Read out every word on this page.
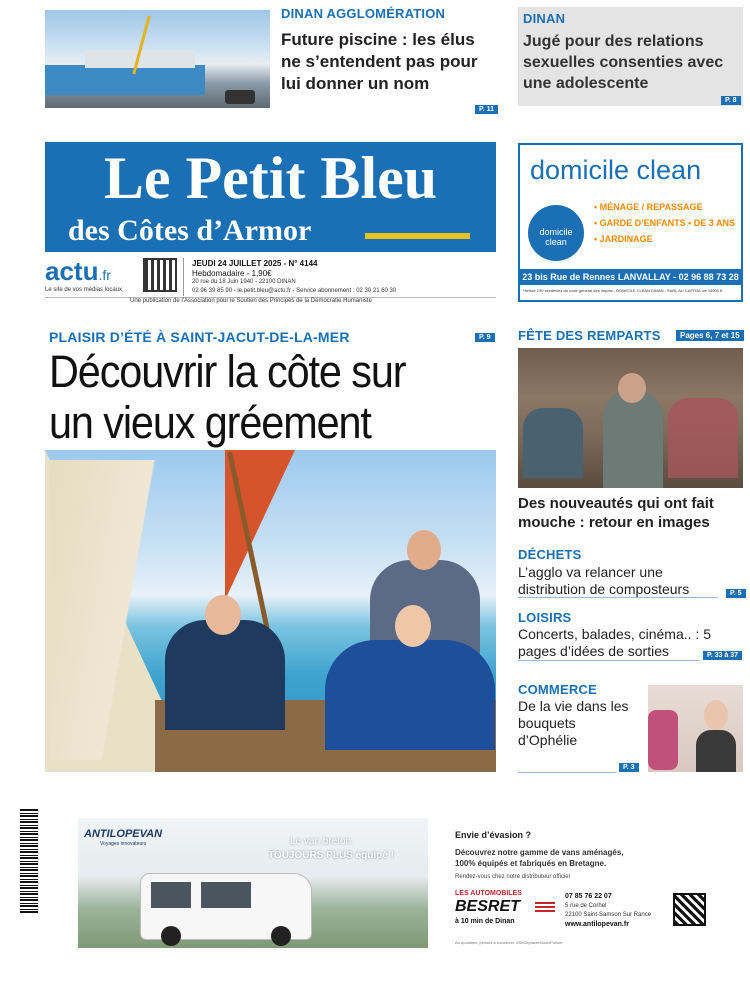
DINAN AGGLOMÉRATION
Future piscine : les élus ne s’entendent pas pour lui donner un nom
P. 11
DINAN
Jugé pour des relations sexuelles consenties avec une adolescente
P. 8
Le Petit Bleu
des Côtes d’Armor
actu.fr
Le site de vos médias locaux
JEUDI 24 JUILLET 2025 - N° 4144
Hebdomadaire - 1,90€
20 rue du 18 Juin 1940 - 22100 DINAN
02 96 39 85 90 - le.petit.bleu@actu.fr - Service abonnement : 02 30 21 60 30
Une publication de l’Association pour le Soutien des Principes de la Démocratie Humaniste
domicile clean
domicile clean
• MÉNAGE / REPASSAGE
• GARDE D’ENFANTS • DE 3 ANS
• JARDINAGE
23 bis Rue de Rennes LANVALLAY - 02 96 88 73 28
*Article 199 sexdecies du code général des impôts - DOMICILE CLEAN DINAN - SARL AU CAPITAL de 10000 €
PLAISIR D’ÉTÉ À SAINT-JACUT-DE-LA-MER	P. 9
Découvrir la côte sur un vieux gréement
FÊTE DES REMPARTS	Pages 6, 7 et 15
Des nouveautés qui ont fait mouche : retour en images
DÉCHETS
L’agglo va relancer une distribution de composteurs	P. 5
LOISIRS
Concerts, balades, cinéma.. : 5 pages d’idées de sorties	P. 33 à 37
COMMERCE
De la vie dans les bouquets d’Ophélie
P. 3
ANTILOPEVAN
Voyages innovateurs	Le van breton
TOUJOURS PLUS équipé !
Envie d’évasion ?
Découvrez notre gamme de vans aménagés,
100% équipés et fabriqués en Bretagne.
Rendez-vous chez notre distributeur officiel
LES AUTOMOBILES
BESRET
à 10 min de Dinan
07 85 76 22 07
5 rue de Corhel
22100 Saint-Samson Sur Rance
www.antilopevan.fr
Au quotidien, pensez à covoiturer. #SeDéplacerMoinsPolluer
